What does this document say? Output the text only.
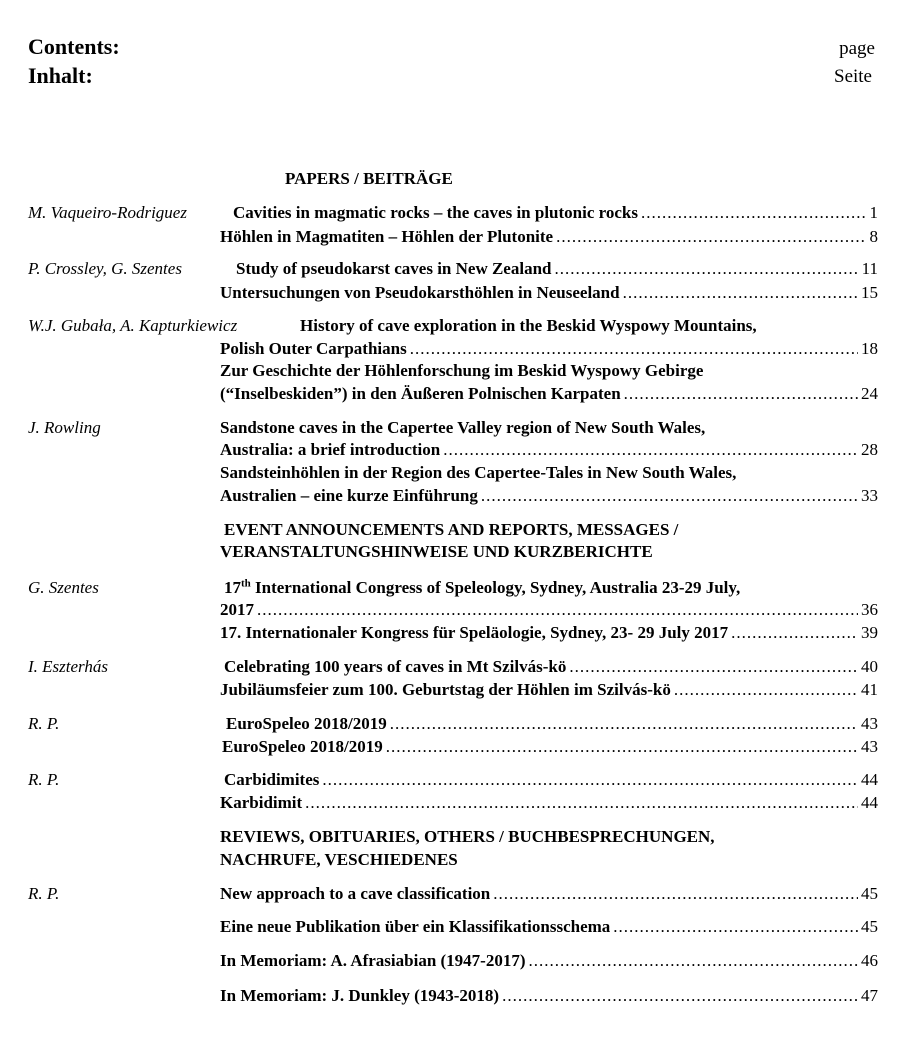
Contents:
Inhalt:
page
Seite
PAPERS / BEITRÄGE
M. Vaqueiro-Rodriguez	Cavities in magmatic rocks – the caves in plutonic rocks .....	1
Höhlen in Magmatiten – Höhlen der Plutonite .....	8
P. Crossley, G. Szentes	Study of pseudokarst caves in New Zealand .....	11
Untersuchungen von Pseudokarsthöhlen in Neuseeland .....	15
W.J. Gubała, A. Kapturkiewicz	History of cave exploration in the Beskid Wyspowy Mountains,
Polish Outer Carpathians .....	18
Zur Geschichte der Höhlenforschung im Beskid Wyspowy Gebirge
(“Inselbeskiden”) in den Äußeren Polnischen Karpaten .....	24
J. Rowling	Sandstone caves in the Capertee Valley region of New South Wales,
Australia: a brief introduction .....	28
Sandsteinhöhlen in der Region des Capertee-Tales in New South Wales,
Australien – eine kurze Einführung .....	33
EVENT ANNOUNCEMENTS AND REPORTS, MESSAGES /
VERANSTALTUNGSHINWEISE UND KURZBERICHTE
G. Szentes	17th International Congress of Speleology, Sydney, Australia 23-29 July,
2017 .....	36
17. Internationaler Kongress für Speläologie, Sydney, 23- 29 July 2017 .....	39
I. Eszterhás	Celebrating 100 years of caves in Mt Szilvás-kö .....	40
Jubiläumsfeier zum 100. Geburtstag der Höhlen im Szilvás-kö .....	41
R. P.	EuroSpeleo 2018/2019 .....	43
EuroSpeleo 2018/2019 .....	43
R. P.	Carbidimites .....	44
Karbidimit .....	44
REVIEWS, OBITUARIES, OTHERS / BUCHBESPRECHUNGEN,
NACHRUFE, VESCHIEDENES
R. P.	New approach to a cave classification .....	45
Eine neue Publikation über ein Klassifikationsschema .....	45
In Memoriam: A. Afrasiabian (1947-2017) .....	46
In Memoriam: J. Dunkley (1943-2018) .....	47
